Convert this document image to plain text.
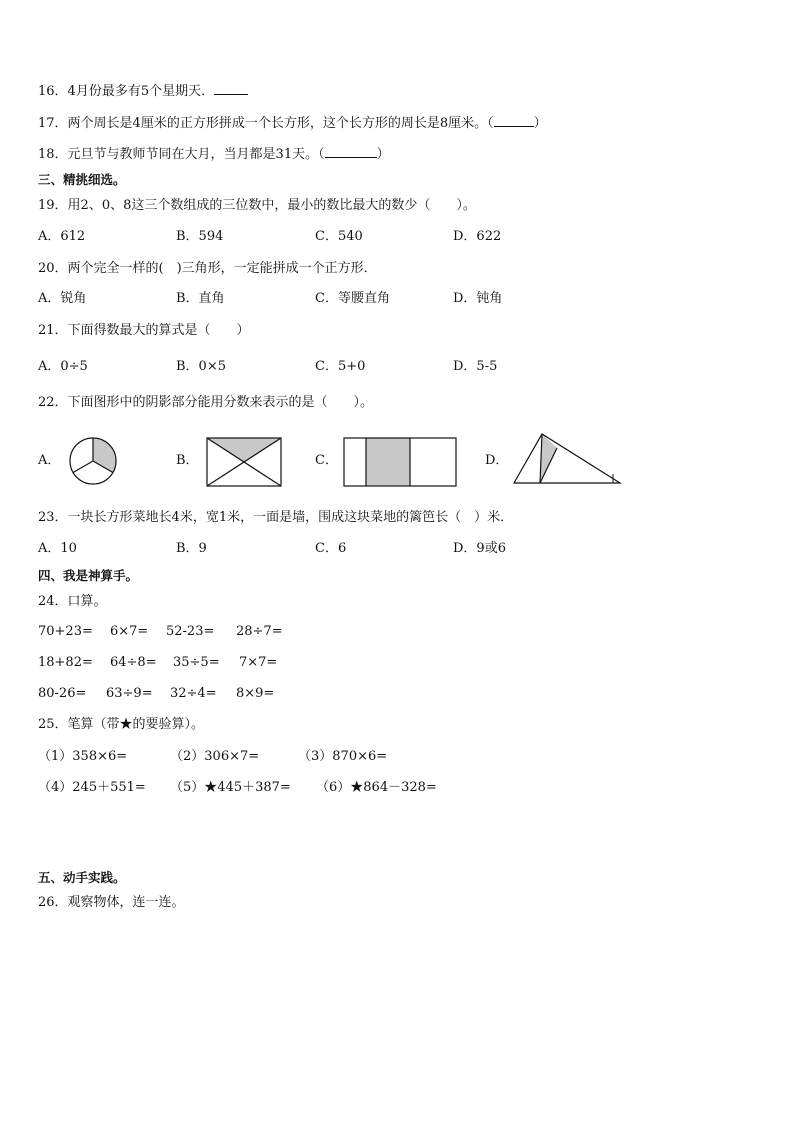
16．4月份最多有5个星期天．
17．两个周长是4厘米的正方形拼成一个长方形，这个长方形的周长是8厘米。（	）
18．元旦节与教师节同在大月，当月都是31天。（	）
三、精挑细选。
19．用2、0、8这三个数组成的三位数中，最小的数比最大的数少（　　）。
A．612	B．594	C．540	D．622
20．两个完全一样的(　)三角形，一定能拼成一个正方形．
A．锐角	B．直角	C．等腰直角	D．钝角
21．下面得数最大的算式是（　　）
A．0÷5	B．0×5	C．5+0	D．5-5
22．下面图形中的阴影部分能用分数来表示的是（　　）。
A．	B．	C．	D．
23．一块长方形菜地长4米，宽1米，一面是墙，围成这块菜地的篱笆长（　）米．
A．10	B．9	C．6	D．9或6
四、我是神算手。
24．口算。
70+23= 6×7= 52-23= 28÷7=
18+82= 64÷8= 35÷5= 7×7=
80-26= 63÷9= 32÷4= 8×9=
25．笔算（带★的要验算）。
（1）358×6=	（2）306×7=	（3）870×6=
（4）245＋551= （5）★445＋387= （6）★864－328=
五、动手实践。
26．观察物体，连一连。
